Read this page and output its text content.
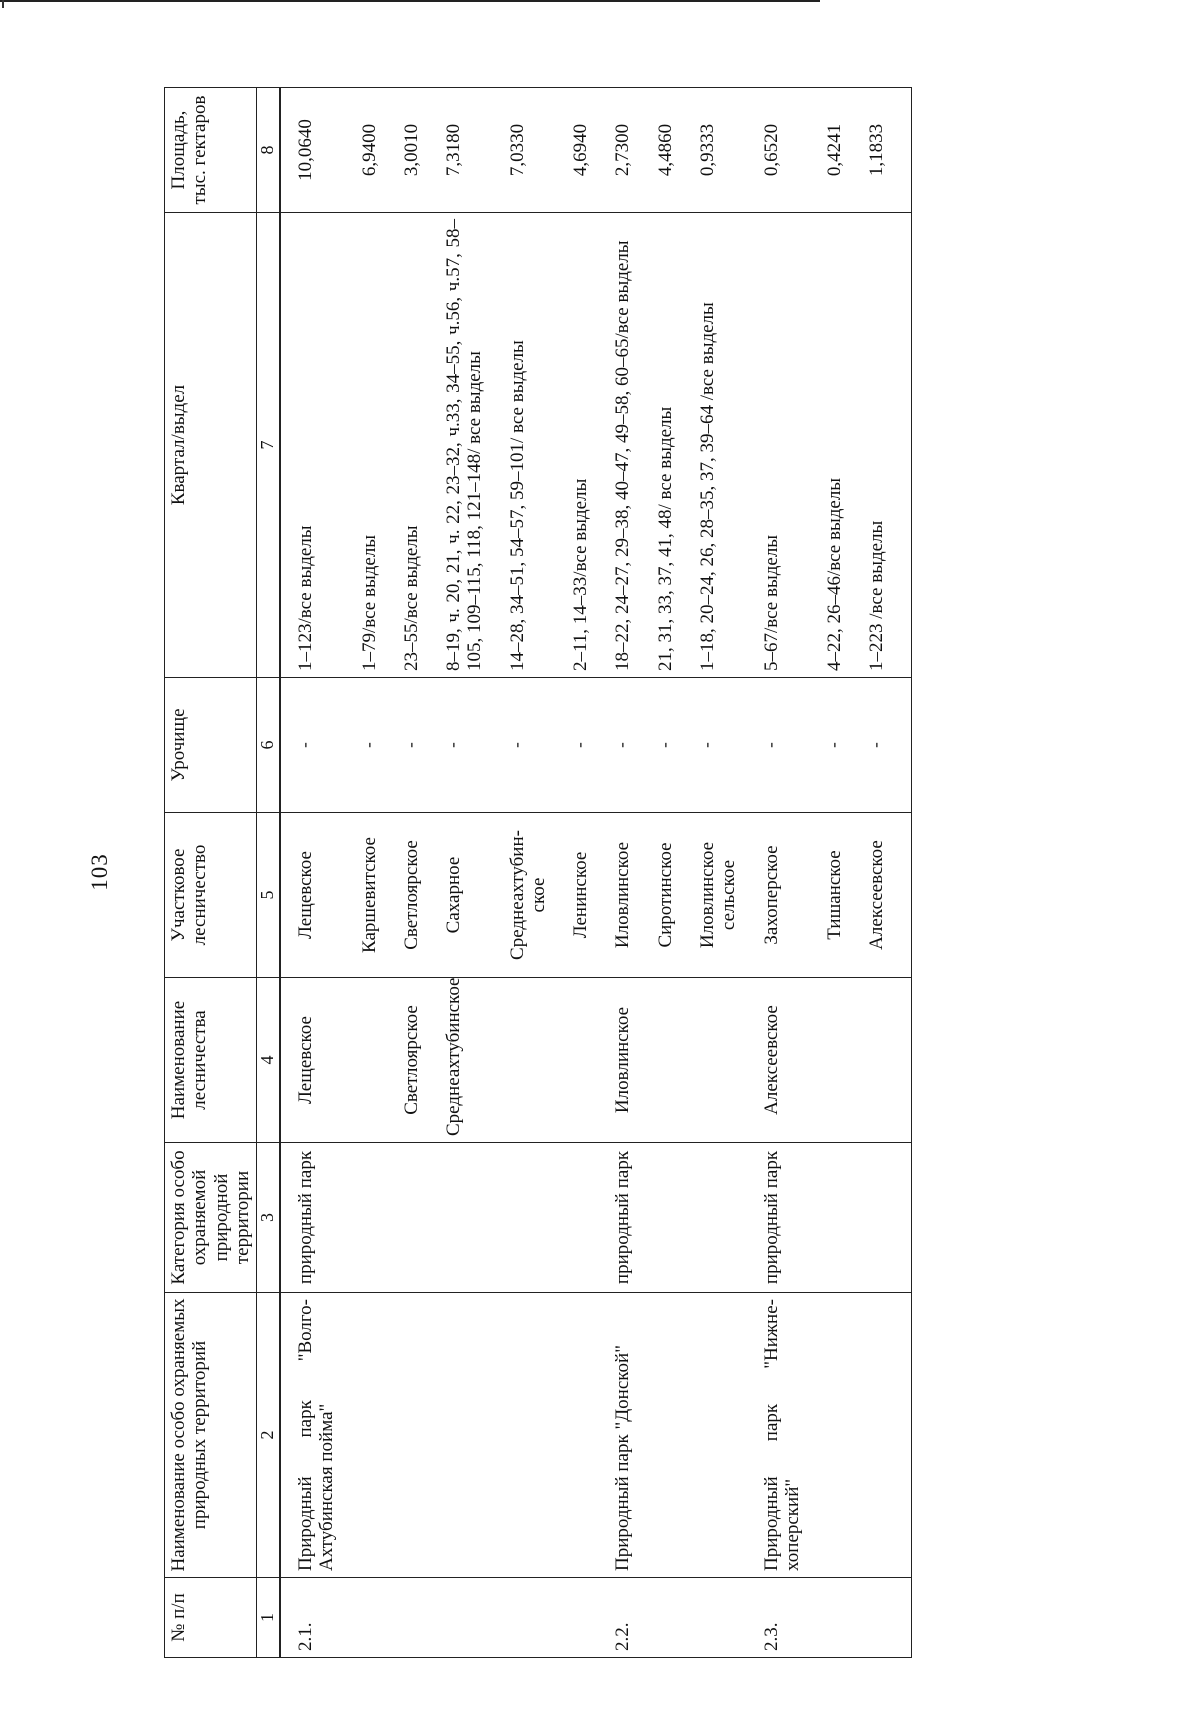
103
№ п/п	Наименование особо охраняемых природных территорий	Категория особо охраняемой природной территории	Наименование лесничества	Участковое лесничество	Урочище	Квартал/выдел	Площадь, тыс. гектаров
1	2	3	4	5	6	7	8
2.1.	Природный парк "Волго-Ахтубинская пойма"	природный парк	Лещевское	Лещевское	-	1–123/все выделы	10,0640
				Каршевитское	-	1–79/все выделы	6,9400
			Светлоярское	Светлоярское	-	23–55/все выделы	3,0010
			Среднеахтубинское	Сахарное	-	8–19, ч. 20, 21, ч. 22, 23–32, ч.33, 34–55, ч.56, ч.57, 58–105, 109–115, 118, 121–148/ все выделы	7,3180
				Среднеахтубин-ское	-	14–28, 34–51, 54–57, 59–101/ все выделы	7,0330
				Ленинское	-	2–11, 14–33/все выделы	4,6940
2.2.	Природный парк "Донской"	природный парк	Иловлинское	Иловлинское	-	18–22, 24–27, 29–38, 40–47, 49–58, 60–65/все выделы	2,7300
				Сиротинское	-	21, 31, 33, 37, 41, 48/ все выделы	4,4860
				Иловлинское сельское	-	1–18, 20–24, 26, 28–35, 37, 39–64 /все выделы	0,9333
2.3.	Природный парк "Нижне-хоперский"	природный парк	Алексеевское	Захоперское	-	5–67/все выделы	0,6520
				Тишанское	-	4–22, 26–46/все выделы	0,4241
				Алексеевское	-	1–223 /все выделы	1,1833
